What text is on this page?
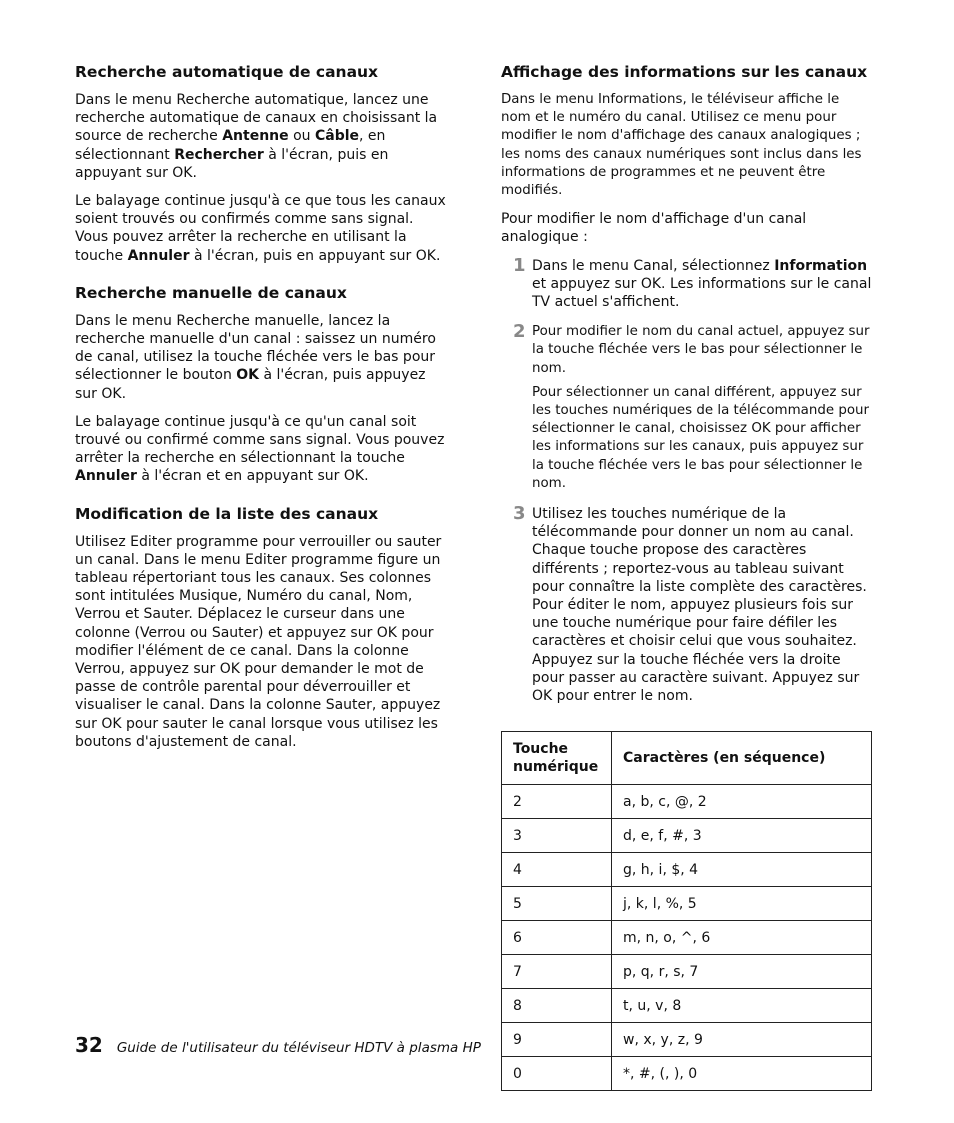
Recherche automatique de canaux

Dans le menu Recherche automatique, lancez une recherche automatique de canaux en choisissant la source de recherche Antenne ou Câble, en sélectionnant Rechercher à l'écran, puis en appuyant sur OK.

Le balayage continue jusqu'à ce que tous les canaux soient trouvés ou confirmés comme sans signal. Vous pouvez arrêter la recherche en utilisant la touche Annuler à l'écran, puis en appuyant sur OK.

Recherche manuelle de canaux

Dans le menu Recherche manuelle, lancez la recherche manuelle d'un canal : saissez un numéro de canal, utilisez la touche fléchée vers le bas pour sélectionner le bouton OK à l'écran, puis appuyez sur OK.

Le balayage continue jusqu'à ce qu'un canal soit trouvé ou confirmé comme sans signal. Vous pouvez arrêter la recherche en sélectionnant la touche Annuler à l'écran et en appuyant sur OK.

Modification de la liste des canaux

Utilisez Editer programme pour verrouiller ou sauter un canal. Dans le menu Editer programme figure un tableau répertoriant tous les canaux. Ses colonnes sont intitulées Musique, Numéro du canal, Nom, Verrou et Sauter. Déplacez le curseur dans une colonne (Verrou ou Sauter) et appuyez sur OK pour modifier l'élément de ce canal. Dans la colonne Verrou, appuyez sur OK pour demander le mot de passe de contrôle parental pour déverrouiller et visualiser le canal. Dans la colonne Sauter, appuyez sur OK pour sauter le canal lorsque vous utilisez les boutons d'ajustement de canal.

Affichage des informations sur les canaux

Dans le menu Informations, le téléviseur affiche le nom et le numéro du canal. Utilisez ce menu pour modifier le nom d'affichage des canaux analogiques ; les noms des canaux numériques sont inclus dans les informations de programmes et ne peuvent être modifiés.

Pour modifier le nom d'affichage d'un canal analogique :

1 Dans le menu Canal, sélectionnez Information et appuyez sur OK. Les informations sur le canal TV actuel s'affichent.

2 Pour modifier le nom du canal actuel, appuyez sur la touche fléchée vers le bas pour sélectionner le nom.

Pour sélectionner un canal différent, appuyez sur les touches numériques de la télécommande pour sélectionner le canal, choisissez OK pour afficher les informations sur les canaux, puis appuyez sur la touche fléchée vers le bas pour sélectionner le nom.

3 Utilisez les touches numérique de la télécommande pour donner un nom au canal. Chaque touche propose des caractères différents ; reportez-vous au tableau suivant pour connaître la liste complète des caractères. Pour éditer le nom, appuyez plusieurs fois sur une touche numérique pour faire défiler les caractères et choisir celui que vous souhaitez. Appuyez sur la touche fléchée vers la droite pour passer au caractère suivant. Appuyez sur OK pour entrer le nom.

Touche numérique	Caractères (en séquence)
2	a, b, c, @, 2
3	d, e, f, #, 3
4	g, h, i, $, 4
5	j, k, l, %, 5
6	m, n, o, ^, 6
7	p, q, r, s, 7
8	t, u, v, 8
9	w, x, y, z, 9
0	*, #, (, ), 0
32 Guide de l'utilisateur du téléviseur HDTV à plasma HP
